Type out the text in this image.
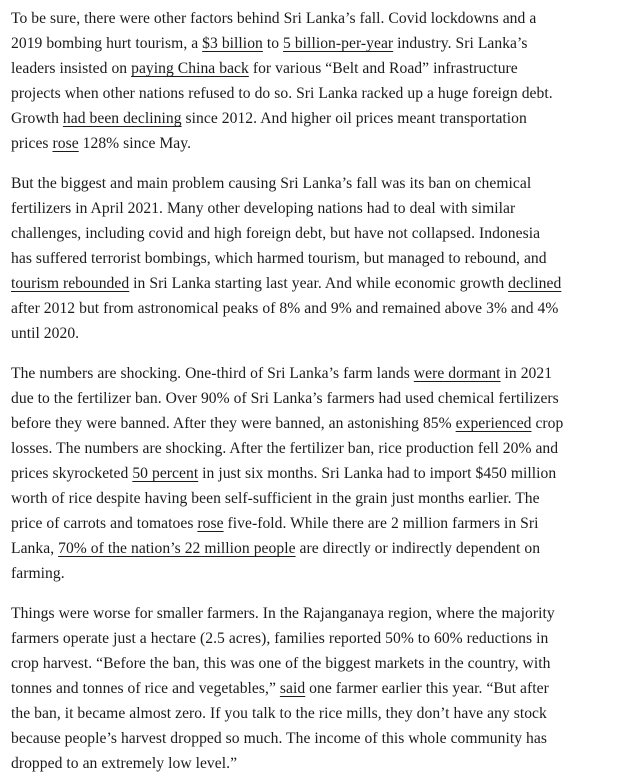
To be sure, there were other factors behind Sri Lanka’s fall. Covid lockdowns and a
2019 bombing hurt tourism, a $3 billion to 5 billion-per-year industry. Sri Lanka’s
leaders insisted on paying China back for various “Belt and Road” infrastructure
projects when other nations refused to do so. Sri Lanka racked up a huge foreign debt.
Growth had been declining since 2012. And higher oil prices meant transportation
prices rose 128% since May.

But the biggest and main problem causing Sri Lanka’s fall was its ban on chemical
fertilizers in April 2021. Many other developing nations had to deal with similar
challenges, including covid and high foreign debt, but have not collapsed. Indonesia
has suffered terrorist bombings, which harmed tourism, but managed to rebound, and
tourism rebounded in Sri Lanka starting last year. And while economic growth declined
after 2012 but from astronomical peaks of 8% and 9% and remained above 3% and 4%
until 2020.

The numbers are shocking. One-third of Sri Lanka’s farm lands were dormant in 2021
due to the fertilizer ban. Over 90% of Sri Lanka’s farmers had used chemical fertilizers
before they were banned. After they were banned, an astonishing 85% experienced crop
losses. The numbers are shocking. After the fertilizer ban, rice production fell 20% and
prices skyrocketed 50 percent in just six months. Sri Lanka had to import $450 million
worth of rice despite having been self-sufficient in the grain just months earlier. The
price of carrots and tomatoes rose five-fold. While there are 2 million farmers in Sri
Lanka, 70% of the nation’s 22 million people are directly or indirectly dependent on
farming.

Things were worse for smaller farmers. In the Rajanganaya region, where the majority
farmers operate just a hectare (2.5 acres), families reported 50% to 60% reductions in
crop harvest. “Before the ban, this was one of the biggest markets in the country, with
tonnes and tonnes of rice and vegetables,” said one farmer earlier this year. “But after
the ban, it became almost zero. If you talk to the rice mills, they don’t have any stock
because people’s harvest dropped so much. The income of this whole community has
dropped to an extremely low level.”
